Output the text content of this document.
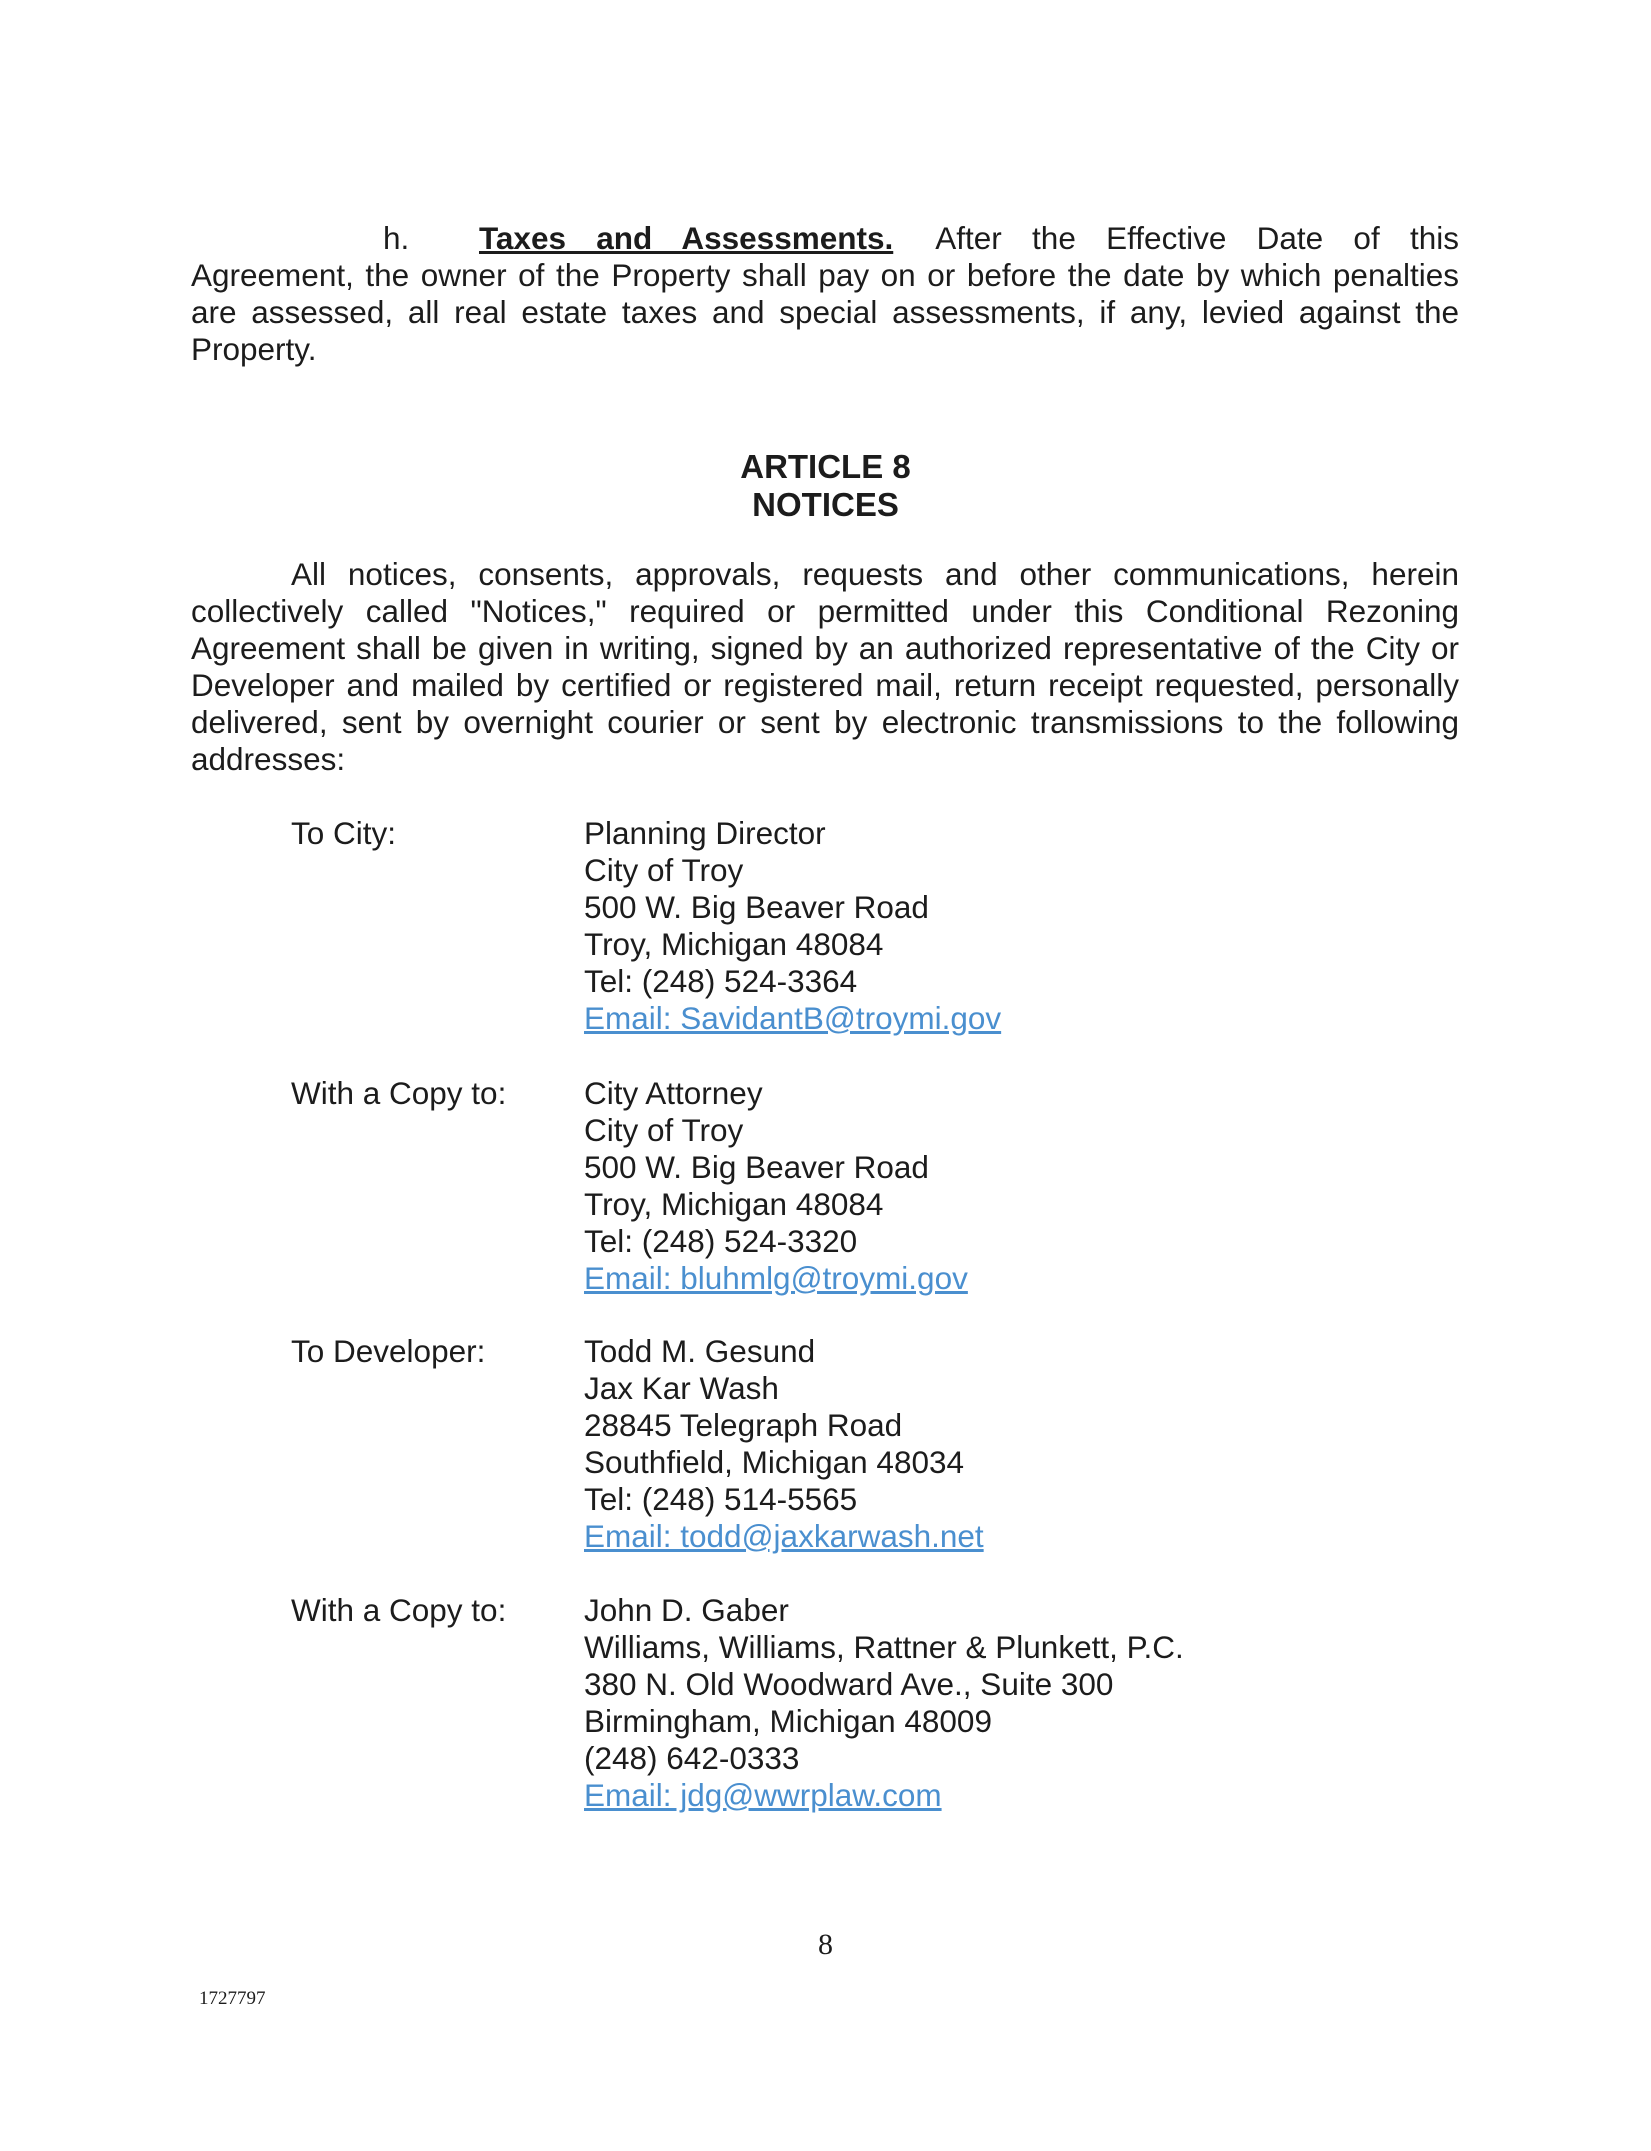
h. Taxes and Assessments. After the Effective Date of this Agreement, the owner of the Property shall pay on or before the date by which penalties are assessed, all real estate taxes and special assessments, if any, levied against the Property.
ARTICLE 8
NOTICES
All notices, consents, approvals, requests and other communications, herein collectively called "Notices," required or permitted under this Conditional Rezoning Agreement shall be given in writing, signed by an authorized representative of the City or Developer and mailed by certified or registered mail, return receipt requested, personally delivered, sent by overnight courier or sent by electronic transmissions to the following addresses:
To City:	Planning Director
City of Troy
500 W. Big Beaver Road
Troy, Michigan 48084
Tel: (248) 524-3364
Email: SavidantB@troymi.gov
With a Copy to: City Attorney
City of Troy
500 W. Big Beaver Road
Troy, Michigan 48084
Tel: (248) 524-3320
Email: bluhmlg@troymi.gov
To Developer:	Todd M. Gesund
Jax Kar Wash
28845 Telegraph Road
Southfield, Michigan 48034
Tel: (248) 514-5565
Email: todd@jaxkarwash.net
With a Copy to: John D. Gaber
Williams, Williams, Rattner & Plunkett, P.C.
380 N. Old Woodward Ave., Suite 300
Birmingham, Michigan 48009
(248) 642-0333
Email: jdg@wwrplaw.com
8
1727797
